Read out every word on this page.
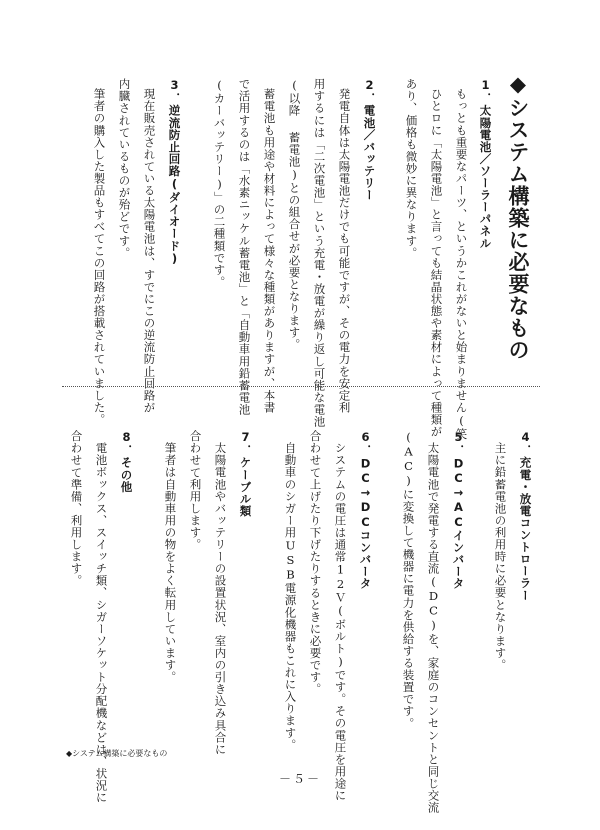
◆システム構築に必要なもの
1．太陽電池／ソーラーパネル
もっとも重要なパーツ、というかこれがないと始まりません(笑
ひとロに「太陽電池」と言っても結晶状態や素材によって種類が
あり、価格も微妙に異なります。
2．電池／バッテリー
発電自体は太陽電池だけでも可能ですが、その電力を安定利
用するには「二次電池」という充電・放電が繰り返し可能な電池
(以降 蓄電池)との組合せが必要となります。
蓄電池も用途や材料によって様々な種類がありますが、本書
で活用するのは「水素ニッケル蓄電池」と「自動車用鉛蓄電池
(カーバッテリー)」の二種類です。
3．逆流防止回路(ダイオード)
現在販売されている太陽電池は、すでにこの逆流防止回路が
内臓されているものが殆どです。
筆者の購入した製品もすべてこの回路が搭載されていました。
4．充電・放電コントローラー
主に鉛蓄電池の利用時に必要となります。
5．DC→ACインバータ
太陽電池で発電する直流(DC)を、家庭のコンセントと同じ交流
(AC)に変換して機器に電力を供給する装置です。
6．DC→DCコンバータ
システムの電圧は通常12Ｖ(ボルト)です。その電圧を用途に
合わせて上げたり下げたりするときに必要です。
自動車のシガー用USB電源化機器もこれに入ります。
7．ケーブル類
太陽電池やバッテリーの設置状況、室内の引き込み具合に
合わせて利用します。
筆者は自動車用の物をよく転用しています。
8．その他
電池ボックス、スイッチ類、シガーソケット分配機などは、状況に
合わせて準備、利用します。
◆システム構築に必要なもの
－５－
